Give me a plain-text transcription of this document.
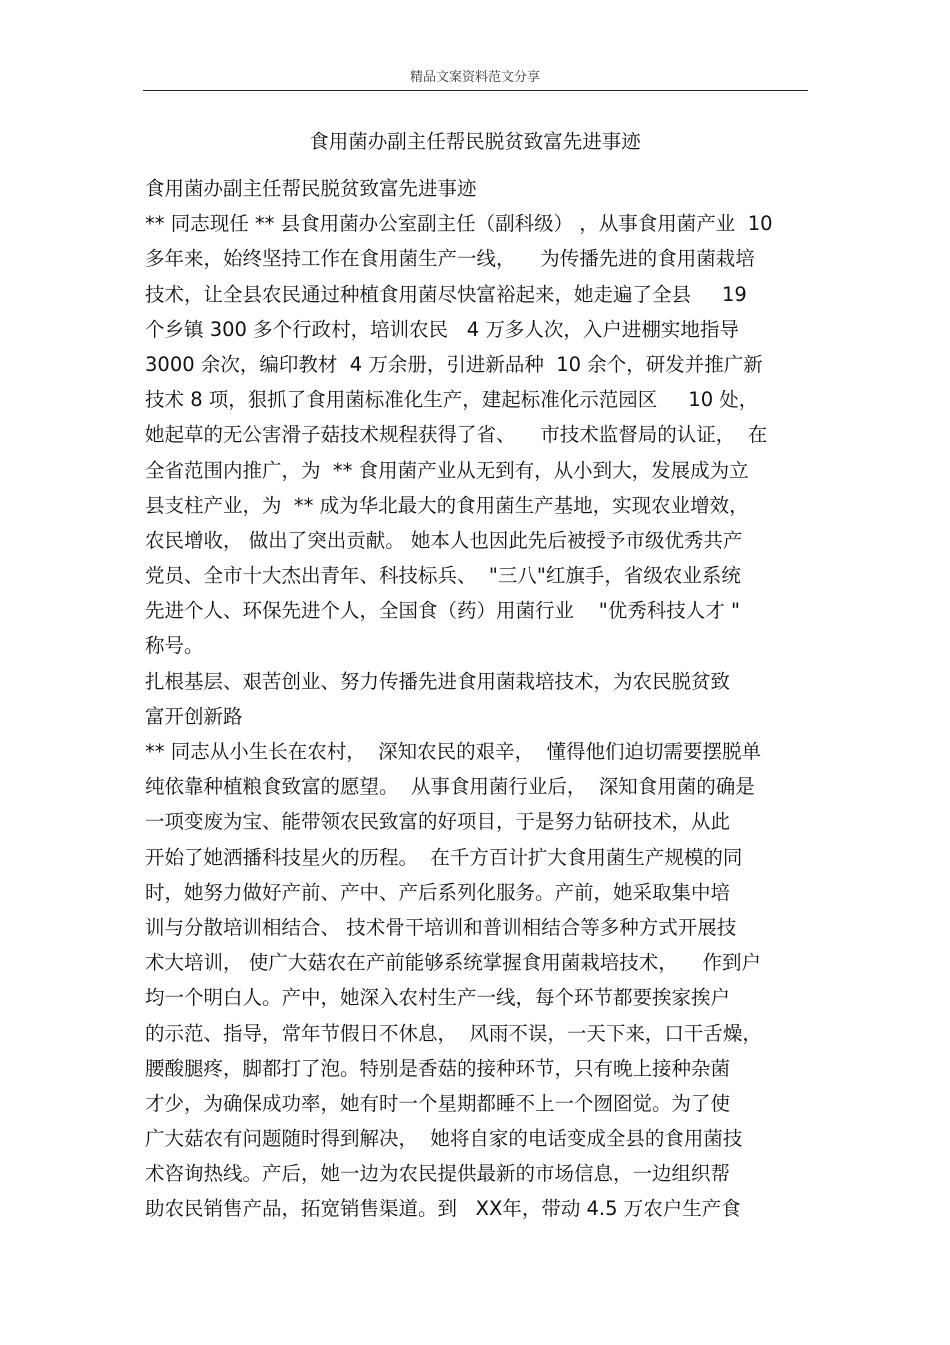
精品文案资料范文分享
食用菌办副主任帮民脱贫致富先进事迹
食用菌办副主任帮民脱贫致富先进事迹
** 同志现任 ** 县食用菌办公室副主任（副科级） ，从事食用菌产业  10
多年来，始终坚持工作在食用菌生产一线，    为传播先进的食用菌栽培
技术，让全县农民通过种植食用菌尽快富裕起来，她走遍了全县     19
个乡镇 300 多个行政村，培训农民   4 万多人次，入户进棚实地指导
3000 余次，编印教材  4 万余册，引进新品种  10 余个，研发并推广新
技术 8 项，狠抓了食用菌标准化生产，建起标准化示范园区     10 处，
她起草的无公害滑子菇技术规程获得了省、    市技术监督局的认证，  在
全省范围内推广，为  ** 食用菌产业从无到有，从小到大，发展成为立
县支柱产业，为  ** 成为华北最大的食用菌生产基地，实现农业增效，
农民增收， 做出了突出贡献。 她本人也因此先后被授予市级优秀共产
党员、全市十大杰出青年、科技标兵、  "三八"红旗手，省级农业系统
先进个人、环保先进个人，全国食（药）用菌行业    "优秀科技人才 "
称号。
扎根基层、艰苦创业、努力传播先进食用菌栽培技术，为农民脱贫致
富开创新路
** 同志从小生长在农村，  深知农民的艰辛，  懂得他们迫切需要摆脱单
纯依靠种植粮食致富的愿望。  从事食用菌行业后，  深知食用菌的确是
一项变废为宝、能带领农民致富的好项目，于是努力钻研技术，从此
开始了她洒播科技星火的历程。  在千方百计扩大食用菌生产规模的同
时，她努力做好产前、产中、产后系列化服务。产前，她采取集中培
训与分散培训相结合、 技术骨干培训和普训相结合等多种方式开展技
术大培训， 使广大菇农在产前能够系统掌握食用菌栽培技术，    作到户
均一个明白人。产中，她深入农村生产一线，每个环节都要挨家挨户
的示范、指导，常年节假日不休息，  风雨不误，一天下来，口干舌燥，
腰酸腿疼，脚都打了泡。特别是香菇的接种环节，只有晚上接种杂菌
才少，为确保成功率，她有时一个星期都睡不上一个囫囵觉。为了使
广大菇农有问题随时得到解决，  她将自家的电话变成全县的食用菌技
术咨询热线。产后，她一边为农民提供最新的市场信息，一边组织帮
助农民销售产品，拓宽销售渠道。到   XX年，带动 4.5 万农户生产食
